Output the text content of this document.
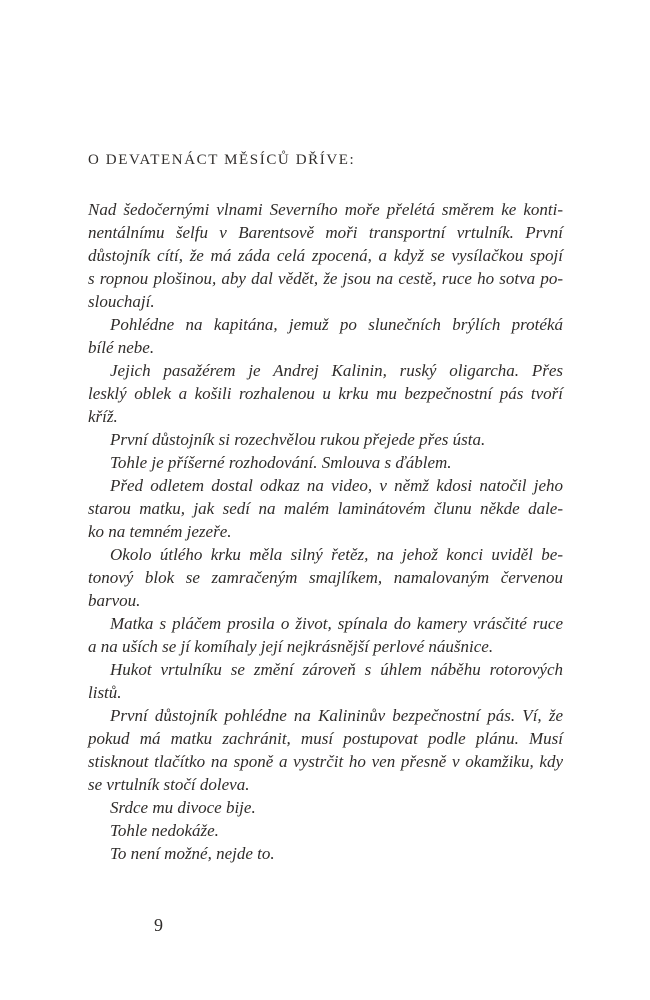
O DEVATENÁCT MĚSÍCŮ DŘÍVE:
Nad šedočernými vlnami Severního moře přelétá směrem ke konti-
nentálnímu šelfu v Barentsově moři transportní vrtulník. První
důstojník cítí, že má záda celá zpocená, a když se vysílačkou spojí
s ropnou plošinou, aby dal vědět, že jsou na cestě, ruce ho sotva po-
slouchají.
Pohlédne na kapitána, jemuž po slunečních brýlích protéká
bílé nebe.
Jejich pasažérem je Andrej Kalinin, ruský oligarcha. Přes
lesklý oblek a košili rozhalenou u krku mu bezpečnostní pás tvoří
kříž.
První důstojník si rozechvělou rukou přejede přes ústa.
Tohle je příšerné rozhodování. Smlouva s ďáblem.
Před odletem dostal odkaz na video, v němž kdosi natočil jeho
starou matku, jak sedí na malém laminátovém člunu někde dale-
ko na temném jezeře.
Okolo útlého krku měla silný řetěz, na jehož konci uviděl be-
tonový blok se zamračeným smajlíkem, namalovaným červenou
barvou.
Matka s pláčem prosila o život, spínala do kamery vrásčité ruce
a na uších se jí komíhaly její nejkrásnější perlové náušnice.
Hukot vrtulníku se změní zároveň s úhlem náběhu rotorových
listů.
První důstojník pohlédne na Kalininův bezpečnostní pás. Ví, že
pokud má matku zachránit, musí postupovat podle plánu. Musí
stisknout tlačítko na sponě a vystrčit ho ven přesně v okamžiku, kdy
se vrtulník stočí doleva.
Srdce mu divoce bije.
Tohle nedokáže.
To není možné, nejde to.
9
